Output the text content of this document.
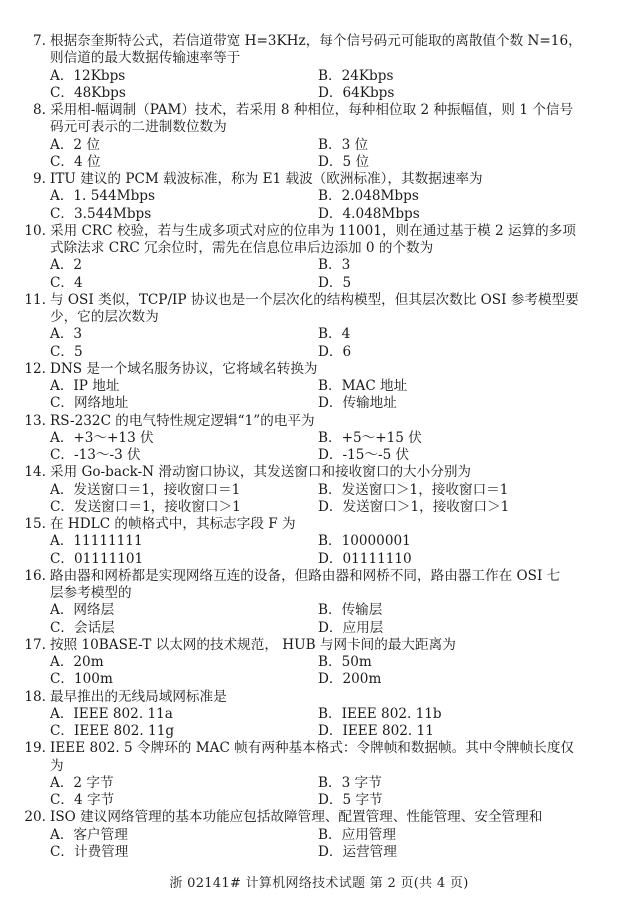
7. 根据奈奎斯特公式，若信道带宽 H=3KHz，每个信号码元可能取的离散值个数 N=16，
则信道的最大数据传输速率等于
A．12Kbps	B．24Kbps
C．48Kbps	D．64Kbps
8. 采用相-幅调制（PAM）技术，若采用 8 种相位，每种相位取 2 种振幅值，则 1 个信号
码元可表示的二进制数位数为
A．2 位	B．3 位
C．4 位	D．5 位
9. ITU 建议的 PCM 载波标准，称为 E1 载波（欧洲标准），其数据速率为
A．1. 544Mbps	B．2.048Mbps
C．3.544Mbps	D．4.048Mbps
10. 采用 CRC 校验，若与生成多项式对应的位串为 11001，则在通过基于模 2 运算的多项
式除法求 CRC 冗余位时，需先在信息位串后边添加 0 的个数为
A．2	B．3
C．4	D．5
11. 与 OSI 类似，TCP/IP 协议也是一个层次化的结构模型，但其层次数比 OSI 参考模型要
少，它的层次数为
A．3	B．4
C．5	D．6
12. DNS 是一个域名服务协议，它将域名转换为
A．IP 地址	B．MAC 地址
C．网络地址	D．传输地址
13. RS-232C 的电气特性规定逻辑“1”的电平为
A．+3～+13 伏	B．+5～+15 伏
C．-13～-3 伏	D．-15～-5 伏
14. 采用 Go-back-N 滑动窗口协议，其发送窗口和接收窗口的大小分别为
A．发送窗口＝1，接收窗口＝1	B．发送窗口＞1，接收窗口＝1
C．发送窗口＝1，接收窗口＞1	D．发送窗口＞1，接收窗口＞1
15. 在 HDLC 的帧格式中，其标志字段 F 为
A．11111111	B．10000001
C．01111101	D．01111110
16. 路由器和网桥都是实现网络互连的设备，但路由器和网桥不同，路由器工作在 OSI 七
层参考模型的
A．网络层	B．传输层
C．会话层	D．应用层
17. 按照 10BASE-T 以太网的技术规范， HUB 与网卡间的最大距离为
A．20m	B．50m
C．100m	D．200m
18. 最早推出的无线局域网标准是
A．IEEE 802. 11a	B．IEEE 802. 11b
C．IEEE 802. 11g	D．IEEE 802. 11
19. IEEE 802. 5 令牌环的 MAC 帧有两种基本格式：令牌帧和数据帧。其中令牌帧长度仅
为
A．2 字节	B．3 字节
C．4 字节	D．5 字节
20. ISO 建议网络管理的基本功能应包括故障管理、配置管理、性能管理、安全管理和
A．客户管理	B．应用管理
C．计费管理	D．运营管理
浙 02141# 计算机网络技术试题 第 2 页(共 4 页)
